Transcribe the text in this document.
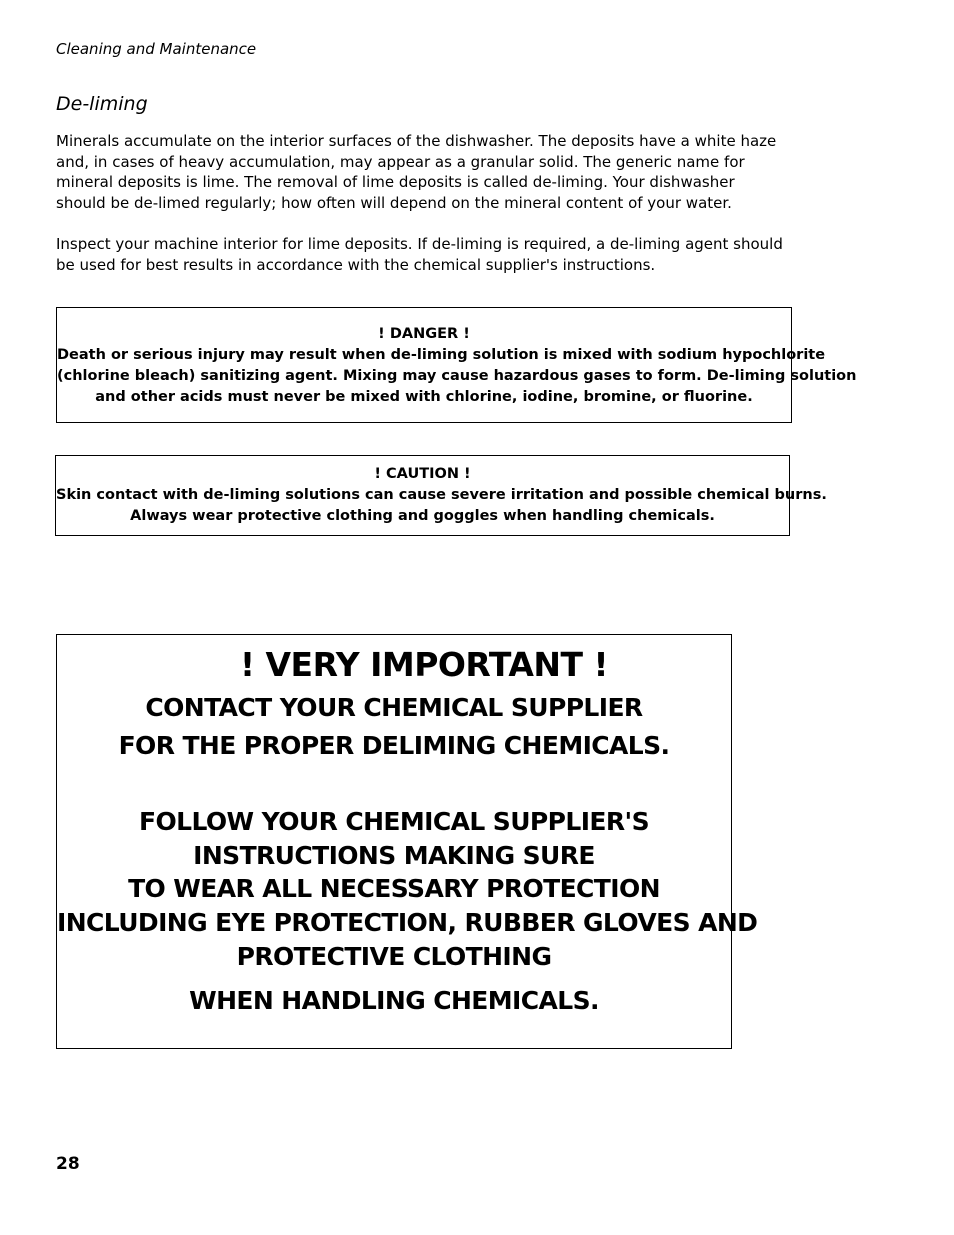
Cleaning and Maintenance
De-liming

Minerals accumulate on the interior surfaces of the dishwasher. The deposits have a white haze and, in cases of heavy accumulation, may appear as a granular solid. The generic name for mineral deposits is lime. The removal of lime deposits is called de-liming. Your dishwasher should be de-limed regularly; how often will depend on the mineral content of your water.

Inspect your machine interior for lime deposits. If de-liming is required, a de-liming agent should be used for best results in accordance with the chemical supplier's instructions.

! DANGER !
Death or serious injury may result when de-liming solution is mixed with sodium hypochlorite
(chlorine bleach) sanitizing agent. Mixing may cause hazardous gases to form. De-liming solution
and other acids must never be mixed with chlorine, iodine, bromine, or fluorine.
! CAUTION !
Skin contact with de-liming solutions can cause severe irritation and possible chemical burns.
Always wear protective clothing and goggles when handling chemicals.
! VERY IMPORTANT !
CONTACT YOUR CHEMICAL SUPPLIER
FOR THE PROPER DELIMING CHEMICALS.
FOLLOW YOUR CHEMICAL SUPPLIER'S
INSTRUCTIONS MAKING SURE
TO WEAR ALL NECESSARY PROTECTION
INCLUDING EYE PROTECTION, RUBBER GLOVES AND
PROTECTIVE CLOTHING
WHEN HANDLING CHEMICALS.
28
